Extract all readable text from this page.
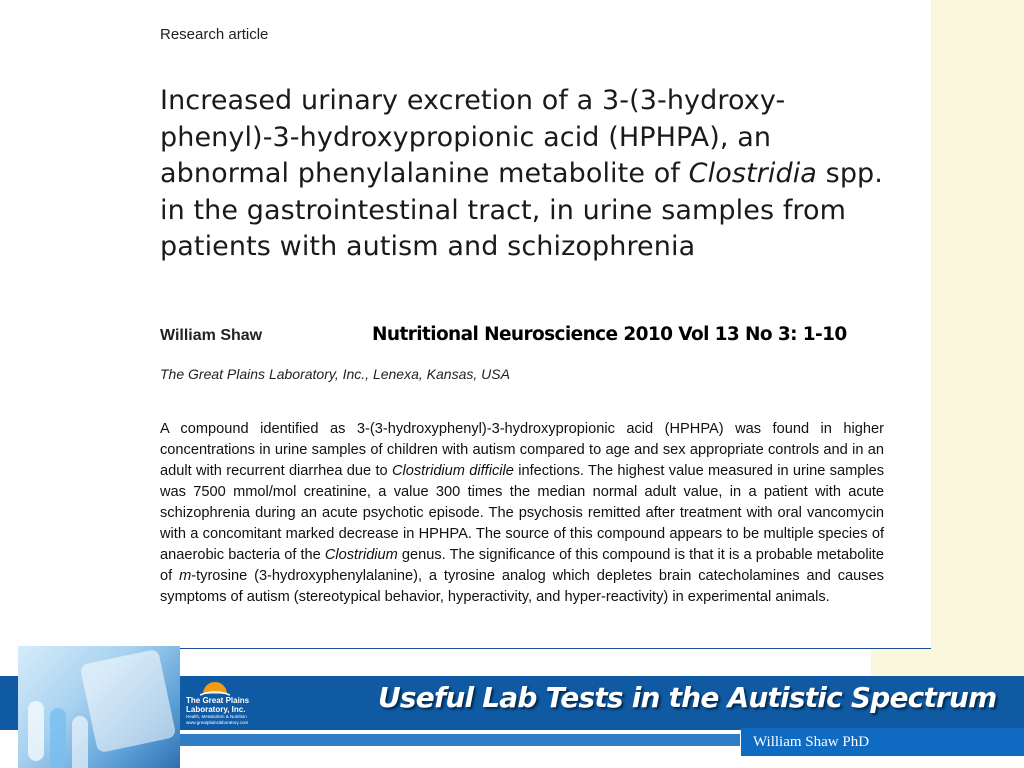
Research article
Increased urinary excretion of a 3-(3-hydroxy-phenyl)-3-hydroxypropionic acid (HPHPA), an abnormal phenylalanine metabolite of Clostridia spp. in the gastrointestinal tract, in urine samples from patients with autism and schizophrenia
William Shaw	Nutritional Neuroscience 2010 Vol 13 No 3: 1-10
The Great Plains Laboratory, Inc., Lenexa, Kansas, USA
A compound identified as 3-(3-hydroxyphenyl)-3-hydroxypropionic acid (HPHPA) was found in higher concentrations in urine samples of children with autism compared to age and sex appropriate controls and in an adult with recurrent diarrhea due to Clostridium difficile infections. The highest value measured in urine samples was 7500 mmol/mol creatinine, a value 300 times the median normal adult value, in a patient with acute schizophrenia during an acute psychotic episode. The psychosis remitted after treatment with oral vancomycin with a concomitant marked decrease in HPHPA. The source of this compound appears to be multiple species of anaerobic bacteria of the Clostridium genus. The significance of this compound is that it is a probable metabolite of m-tyrosine (3-hydroxyphenylalanine), a tyrosine analog which depletes brain catecholamines and causes symptoms of autism (stereotypical behavior, hyperactivity, and hyper-reactivity) in experimental animals.
The Great Plains Laboratory, Inc.
Health, Metabolism & Nutrition
www.greatplainslaboratory.com
Useful Lab Tests in the Autistic Spectrum
William Shaw PhD
